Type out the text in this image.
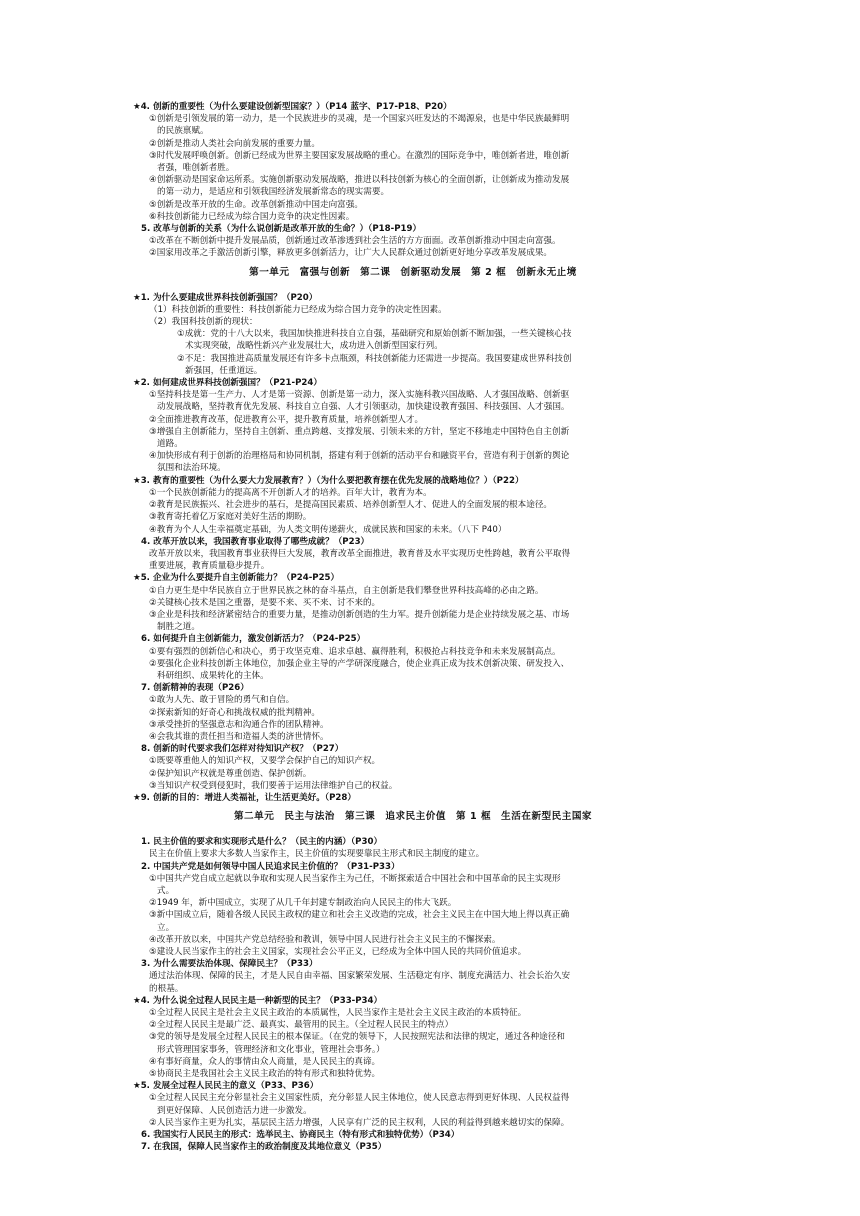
★4. 创新的重要性（为什么要建设创新型国家？）（P14 蓝字、P17-P18、P20）
①创新是引领发展的第一动力，是一个民族进步的灵魂，是一个国家兴旺发达的不竭源泉，也是中华民族最鲜明
的民族禀赋。
②创新是推动人类社会向前发展的重要力量。
③时代发展呼唤创新。创新已经成为世界主要国家发展战略的重心。在激烈的国际竞争中，唯创新者进，唯创新
者强，唯创新者胜。
④创新驱动是国家命运所系。实施创新驱动发展战略，推进以科技创新为核心的全面创新，让创新成为推动发展
的第一动力，是适应和引领我国经济发展新常态的现实需要。
⑤创新是改革开放的生命。改革创新推动中国走向富强。
⑥科技创新能力已经成为综合国力竞争的决定性因素。
5. 改革与创新的关系（为什么说创新是改革开放的生命？）（P18-P19）
①改革在不断创新中提升发展品质，创新通过改革渗透到社会生活的方方面面。改革创新推动中国走向富强。
②国家用改革之手激活创新引擎，释放更多创新活力，让广大人民群众通过创新更好地分享改革发展成果。
第一单元　富强与创新　第二课　创新驱动发展　第 2 框　创新永无止境
★1. 为什么要建成世界科技创新强国？（P20）
（1）科技创新的重要性：科技创新能力已经成为综合国力竞争的决定性因素。
（2）我国科技创新的现状：
①成就：党的十八大以来，我国加快推进科技自立自强，基础研究和原始创新不断加强，一些关键核心技
术实现突破，战略性新兴产业发展壮大，成功进入创新型国家行列。
②不足：我国推进高质量发展还有许多卡点瓶颈，科技创新能力还需进一步提高。我国要建成世界科技创
新强国，任重道远。
★2. 如何建成世界科技创新强国？（P21-P24）
①坚持科技是第一生产力、人才是第一资源、创新是第一动力，深入实施科教兴国战略、人才强国战略、创新驱
动发展战略，坚持教育优先发展、科技自立自强、人才引领驱动，加快建设教育强国、科技强国、人才强国。
②全面推进教育改革，促进教育公平，提升教育质量，培养创新型人才。
③增强自主创新能力，坚持自主创新、重点跨越、支撑发展、引领未来的方针，坚定不移地走中国特色自主创新
道路。
④加快形成有利于创新的治理格局和协同机制，搭建有利于创新的活动平台和融资平台，营造有利于创新的舆论
氛围和法治环境。
★3. 教育的重要性（为什么要大力发展教育？）（为什么要把教育摆在优先发展的战略地位？）（P22）
①一个民族创新能力的提高离不开创新人才的培养。百年大计，教育为本。
②教育是民族振兴、社会进步的基石，是提高国民素质、培养创新型人才、促进人的全面发展的根本途径。
③教育寄托着亿万家庭对美好生活的期盼。
④教育为个人人生幸福奠定基础，为人类文明传递薪火，成就民族和国家的未来。（八下 P40）
4. 改革开放以来，我国教育事业取得了哪些成就？（P23）
改革开放以来，我国教育事业获得巨大发展，教育改革全面推进，教育普及水平实现历史性跨越，教育公平取得
重要进展，教育质量稳步提升。
★5. 企业为什么要提升自主创新能力？（P24-P25）
①自力更生是中华民族自立于世界民族之林的奋斗基点，自主创新是我们攀登世界科技高峰的必由之路。
②关键核心技术是国之重器，是要不来、买不来、讨不来的。
③企业是科技和经济紧密结合的重要力量，是推动创新创造的生力军。提升创新能力是企业持续发展之基、市场
制胜之道。
6. 如何提升自主创新能力，激发创新活力？（P24-P25）
①要有强烈的创新信心和决心，勇于攻坚克难、追求卓越、赢得胜利，积极抢占科技竞争和未来发展制高点。
②要强化企业科技创新主体地位，加强企业主导的产学研深度融合，使企业真正成为技术创新决策、研发投入、
科研组织、成果转化的主体。
7. 创新精神的表现（P26）
①敢为人先、敢于冒险的勇气和自信。
②探索新知的好奇心和挑战权威的批判精神。
③承受挫折的坚强意志和沟通合作的团队精神。
④会我其谁的责任担当和造福人类的济世情怀。
8. 创新的时代要求我们怎样对待知识产权？（P27）
①既要尊重他人的知识产权，又要学会保护自己的知识产权。
②保护知识产权就是尊重创造、保护创新。
③当知识产权受到侵犯时，我们要善于运用法律维护自己的权益。
★9. 创新的目的：增进人类福祉，让生活更美好。（P28）
第二单元　民主与法治　第三课　追求民主价值　第 1 框　生活在新型民主国家
1. 民主价值的要求和实现形式是什么？（民主的内涵）（P30）
民主在价值上要求大多数人当家作主，民主价值的实现要靠民主形式和民主制度的建立。
2. 中国共产党是如何领导中国人民追求民主价值的？（P31-P33）
①中国共产党自成立起就以争取和实现人民当家作主为己任，不断探索适合中国社会和中国革命的民主实现形
式。
②1949 年，新中国成立，实现了从几千年封建专制政治向人民民主的伟大飞跃。
③新中国成立后，随着各级人民民主政权的建立和社会主义改造的完成，社会主义民主在中国大地上得以真正确
立。
④改革开放以来，中国共产党总结经验和教训，领导中国人民进行社会主义民主的不懈探索。
⑤建设人民当家作主的社会主义国家，实现社会公平正义，已经成为全体中国人民的共同价值追求。
3. 为什么需要法治体现、保障民主？（P33）
通过法治体现、保障的民主，才是人民自由幸福、国家繁荣发展、生活稳定有序、制度充满活力、社会长治久安
的根基。
★4. 为什么说全过程人民民主是一种新型的民主？（P33-P34）
①全过程人民民主是社会主义民主政治的本质属性，人民当家作主是社会主义民主政治的本质特征。
②全过程人民民主是最广泛、最真实、最管用的民主。（全过程人民民主的特点）
③党的领导是发展全过程人民民主的根本保证。（在党的领导下，人民按照宪法和法律的规定，通过各种途径和
形式管理国家事务，管理经济和文化事业，管理社会事务。）
④有事好商量，众人的事情由众人商量，是人民民主的真谛。
⑤协商民主是我国社会主义民主政治的特有形式和独特优势。
★5. 发展全过程人民民主的意义（P33、P36）
①全过程人民民主充分彰显社会主义国家性质，充分彰显人民主体地位，使人民意志得到更好体现、人民权益得
到更好保障、人民创造活力进一步激发。
②人民当家作主更为扎实，基层民主活力增强，人民享有广泛的民主权利，人民的利益得到越来越切实的保障。
6. 我国实行人民民主的形式：选举民主、协商民主（特有形式和独特优势）（P34）
7. 在我国，保障人民当家作主的政治制度及其地位意义（P35）
